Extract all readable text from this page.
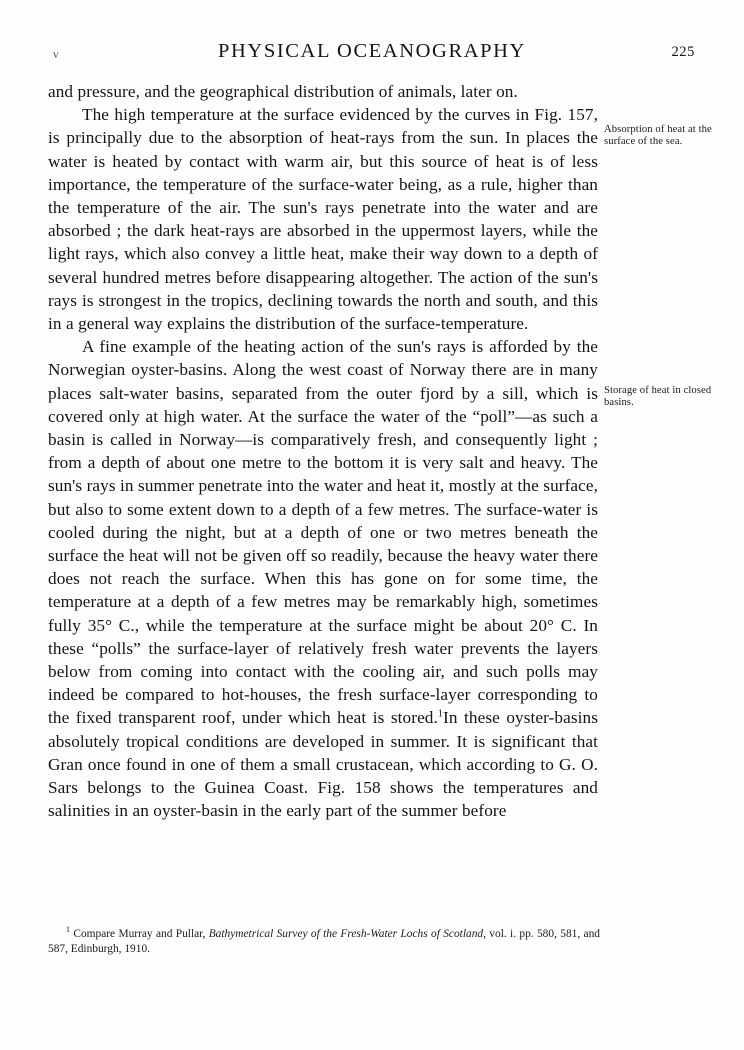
v	PHYSICAL OCEANOGRAPHY	225

and pressure, and the geographical distribution of animals, later on.

The high temperature at the surface evidenced by the curves in Fig. 157, is principally due to the absorption of heat-rays from the sun. In places the water is heated by contact with warm air, but this source of heat is of less importance, the temperature of the surface-water being, as a rule, higher than the temperature of the air. The sun's rays penetrate into the water and are absorbed ; the dark heat-rays are absorbed in the uppermost layers, while the light rays, which also convey a little heat, make their way down to a depth of several hundred metres before disappearing altogether. The action of the sun's rays is strongest in the tropics, declining towards the north and south, and this in a general way explains the distribution of the surface-temperature.

A fine example of the heating action of the sun's rays is afforded by the Norwegian oyster-basins. Along the west coast of Norway there are in many places salt-water basins, separated from the outer fjord by a sill, which is covered only at high water. At the surface the water of the “poll”—as such a basin is called in Norway—is comparatively fresh, and consequently light ; from a depth of about one metre to the bottom it is very salt and heavy. The sun's rays in summer penetrate into the water and heat it, mostly at the surface, but also to some extent down to a depth of a few metres. The surface-water is cooled during the night, but at a depth of one or two metres beneath the surface the heat will not be given off so readily, because the heavy water there does not reach the surface. When this has gone on for some time, the temperature at a depth of a few metres may be remarkably high, sometimes fully 35° C., while the temperature at the surface might be about 20° C. In these “polls” the surface-layer of relatively fresh water prevents the layers below from coming into contact with the cooling air, and such polls may indeed be compared to hot-houses, the fresh surface-layer corresponding to the fixed transparent roof, under which heat is stored.$^1$In these oyster-basins absolutely tropical conditions are developed in summer. It is significant that Gran once found in one of them a small crustacean, which according to G. O. Sars belongs to the Guinea Coast. Fig. 158 shows the temperatures and salinities in an oyster-basin in the early part of the summer before

Absorption of heat at the surface of the sea.
Storage of heat in closed basins.
$^1$ Compare Murray and Pullar, Bathymetrical Survey of the Fresh-Water Lochs of Scotland, vol. i. pp. 580, 581, and 587, Edinburgh, 1910.
